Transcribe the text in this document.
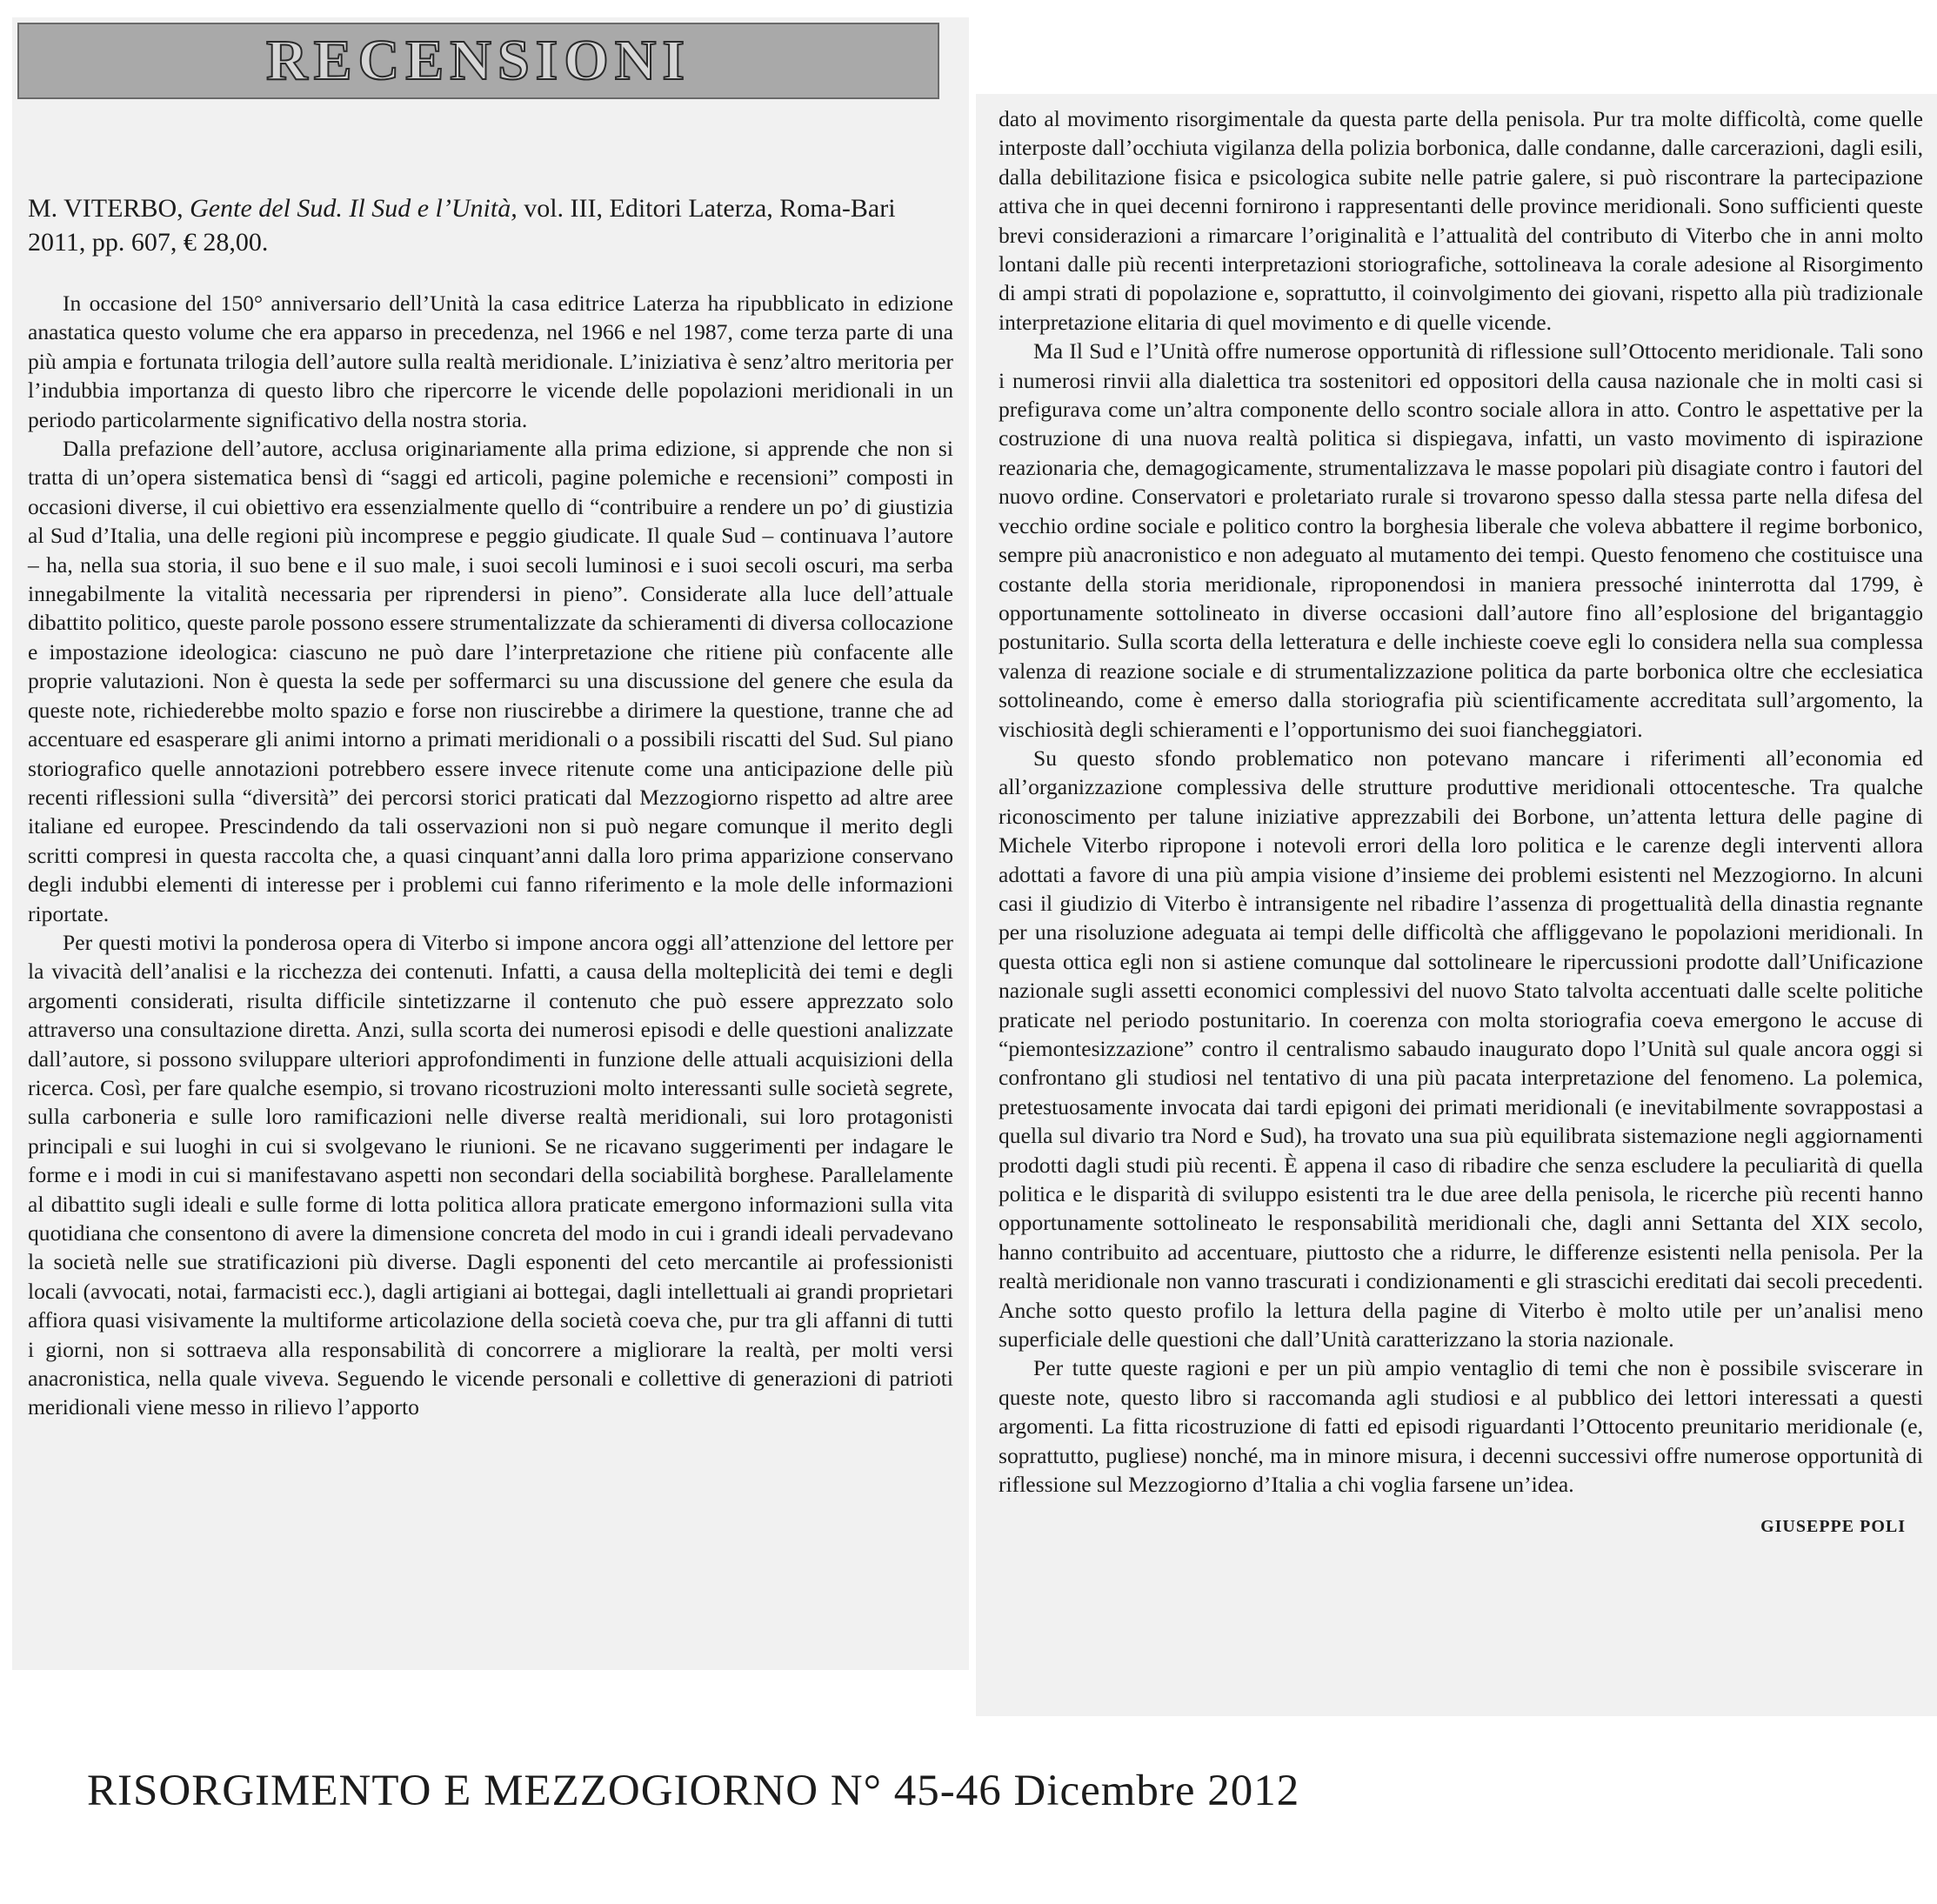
M. VITERBO, Gente del Sud. Il Sud e l’Unità, vol. III, Editori Laterza, Roma-Bari 2011, pp. 607, € 28,00.

In occasione del 150° anniversario dell’Unità la casa editrice Laterza ha ripubblicato in edizione anastatica questo volume che era apparso in precedenza, nel 1966 e nel 1987, come terza parte di una più ampia e fortunata trilogia dell’autore sulla realtà meridionale. L’iniziativa è senz’altro meritoria per l’indubbia importanza di questo libro che ripercorre le vicende delle popolazioni meridionali in un periodo particolarmente significativo della nostra storia.

Dalla prefazione dell’autore, acclusa originariamente alla prima edizione, si apprende che non si tratta di un’opera sistematica bensì di “saggi ed articoli, pagine polemiche e recensioni” composti in occasioni diverse, il cui obiettivo era essenzialmente quello di “contribuire a rendere un po’ di giustizia al Sud d’Italia, una delle regioni più incomprese e peggio giudicate. Il quale Sud – continuava l’autore – ha, nella sua storia, il suo bene e il suo male, i suoi secoli luminosi e i suoi secoli oscuri, ma serba innegabilmente la vitalità necessaria per riprendersi in pieno”. Considerate alla luce dell’attuale dibattito politico, queste parole possono essere strumentalizzate da schieramenti di diversa collocazione e impostazione ideologica: ciascuno ne può dare l’interpretazione che ritiene più confacente alle proprie valutazioni. Non è questa la sede per soffermarci su una discussione del genere che esula da queste note, richiederebbe molto spazio e forse non riuscirebbe a dirimere la questione, tranne che ad accentuare ed esasperare gli animi intorno a primati meridionali o a possibili riscatti del Sud. Sul piano storiografico quelle annotazioni potrebbero essere invece ritenute come una anticipazione delle più recenti riflessioni sulla “diversità” dei percorsi storici praticati dal Mezzogiorno rispetto ad altre aree italiane ed europee. Prescindendo da tali osservazioni non si può negare comunque il merito degli scritti compresi in questa raccolta che, a quasi cinquant’anni dalla loro prima apparizione conservano degli indubbi elementi di interesse per i problemi cui fanno riferimento e la mole delle informazioni riportate.

Per questi motivi la ponderosa opera di Viterbo si impone ancora oggi all’attenzione del lettore per la vivacità dell’analisi e la ricchezza dei contenuti. Infatti, a causa della molteplicità dei temi e degli argomenti considerati, risulta difficile sintetizzarne il contenuto che può essere apprezzato solo attraverso una consultazione diretta. Anzi, sulla scorta dei numerosi episodi e delle questioni analizzate dall’autore, si possono sviluppare ulteriori approfondimenti in funzione delle attuali acquisizioni della ricerca. Così, per fare qualche esempio, si trovano ricostruzioni molto interessanti sulle società segrete, sulla carboneria e sulle loro ramificazioni nelle diverse realtà meridionali, sui loro protagonisti principali e sui luoghi in cui si svolgevano le riunioni. Se ne ricavano suggerimenti per indagare le forme e i modi in cui si manifestavano aspetti non secondari della sociabilità borghese. Parallelamente al dibattito sugli ideali e sulle forme di lotta politica allora praticate emergono informazioni sulla vita quotidiana che consentono di avere la dimensione concreta del modo in cui i grandi ideali pervadevano la società nelle sue stratificazioni più diverse. Dagli esponenti del ceto mercantile ai professionisti locali (avvocati, notai, farmacisti ecc.), dagli artigiani ai bottegai, dagli intellettuali ai grandi proprietari affiora quasi visivamente la multiforme articolazione della società coeva che, pur tra gli affanni di tutti i giorni, non si sottraeva alla responsabilità di concorrere a migliorare la realtà, per molti versi anacronistica, nella quale viveva. Seguendo le vicende personali e collettive di generazioni di patrioti meridionali viene messo in rilievo l’apporto

RECENSIONI

dato al movimento risorgimentale da questa parte della penisola. Pur tra molte difficoltà, come quelle interposte dall’occhiuta vigilanza della polizia borbonica, dalle condanne, dalle carcerazioni, dagli esili, dalla debilitazione fisica e psicologica subite nelle patrie galere, si può riscontrare la partecipazione attiva che in quei decenni fornirono i rappresentanti delle province meridionali. Sono sufficienti queste brevi considerazioni a rimarcare l’originalità e l’attualità del contributo di Viterbo che in anni molto lontani dalle più recenti interpretazioni storiografiche, sottolineava la corale adesione al Risorgimento di ampi strati di popolazione e, soprattutto, il coinvolgimento dei giovani, rispetto alla più tradizionale interpretazione elitaria di quel movimento e di quelle vicende.

Ma Il Sud e l’Unità offre numerose opportunità di riflessione sull’Ottocento meridionale. Tali sono i numerosi rinvii alla dialettica tra sostenitori ed oppositori della causa nazionale che in molti casi si prefigurava come un’altra componente dello scontro sociale allora in atto. Contro le aspettative per la costruzione di una nuova realtà politica si dispiegava, infatti, un vasto movimento di ispirazione reazionaria che, demagogicamente, strumentalizzava le masse popolari più disagiate contro i fautori del nuovo ordine. Conservatori e proletariato rurale si trovarono spesso dalla stessa parte nella difesa del vecchio ordine sociale e politico contro la borghesia liberale che voleva abbattere il regime borbonico, sempre più anacronistico e non adeguato al mutamento dei tempi. Questo fenomeno che costituisce una costante della storia meridionale, riproponendosi in maniera pressoché ininterrotta dal 1799, è opportunamente sottolineato in diverse occasioni dall’autore fino all’esplosione del brigantaggio postunitario. Sulla scorta della letteratura e delle inchieste coeve egli lo considera nella sua complessa valenza di reazione sociale e di strumentalizzazione politica da parte borbonica oltre che ecclesiatica sottolineando, come è emerso dalla storiografia più scientificamente accreditata sull’argomento, la vischiosità degli schieramenti e l’opportunismo dei suoi fiancheggiatori.

Su questo sfondo problematico non potevano mancare i riferimenti all’economia ed all’organizzazione complessiva delle strutture produttive meridionali ottocentesche. Tra qualche riconoscimento per talune iniziative apprezzabili dei Borbone, un’attenta lettura delle pagine di Michele Viterbo ripropone i notevoli errori della loro politica e le carenze degli interventi allora adottati a favore di una più ampia visione d’insieme dei problemi esistenti nel Mezzogiorno. In alcuni casi il giudizio di Viterbo è intransigente nel ribadire l’assenza di progettualità della dinastia regnante per una risoluzione adeguata ai tempi delle difficoltà che affliggevano le popolazioni meridionali. In questa ottica egli non si astiene comunque dal sottolineare le ripercussioni prodotte dall’Unificazione nazionale sugli assetti economici complessivi del nuovo Stato talvolta accentuati dalle scelte politiche praticate nel periodo postunitario. In coerenza con molta storiografia coeva emergono le accuse di “piemontesizzazione” contro il centralismo sabaudo inaugurato dopo l’Unità sul quale ancora oggi si confrontano gli studiosi nel tentativo di una più pacata interpretazione del fenomeno. La polemica, pretestuosamente invocata dai tardi epigoni dei primati meridionali (e inevitabilmente sovrappostasi a quella sul divario tra Nord e Sud), ha trovato una sua più equilibrata sistemazione negli aggiornamenti prodotti dagli studi più recenti. È appena il caso di ribadire che senza escludere la peculiarità di quella politica e le disparità di sviluppo esistenti tra le due aree della penisola, le ricerche più recenti hanno opportunamente sottolineato le responsabilità meridionali che, dagli anni Settanta del XIX secolo, hanno contribuito ad accentuare, piuttosto che a ridurre, le differenze esistenti nella penisola. Per la realtà meridionale non vanno trascurati i condizionamenti e gli strascichi ereditati dai secoli precedenti. Anche sotto questo profilo la lettura della pagine di Viterbo è molto utile per un’analisi meno superficiale delle questioni che dall’Unità caratterizzano la storia nazionale.

Per tutte queste ragioni e per un più ampio ventaglio di temi che non è possibile sviscerare in queste note, questo libro si raccomanda agli studiosi e al pubblico dei lettori interessati a questi argomenti. La fitta ricostruzione di fatti ed episodi riguardanti l’Ottocento preunitario meridionale (e, soprattutto, pugliese) nonché, ma in minore misura, i decenni successivi offre numerose opportunità di riflessione sul Mezzogiorno d’Italia a chi voglia farsene un’idea.

GIUSEPPE POLI
RISORGIMENTO E MEZZOGIORNO N° 45-46 Dicembre 2012
